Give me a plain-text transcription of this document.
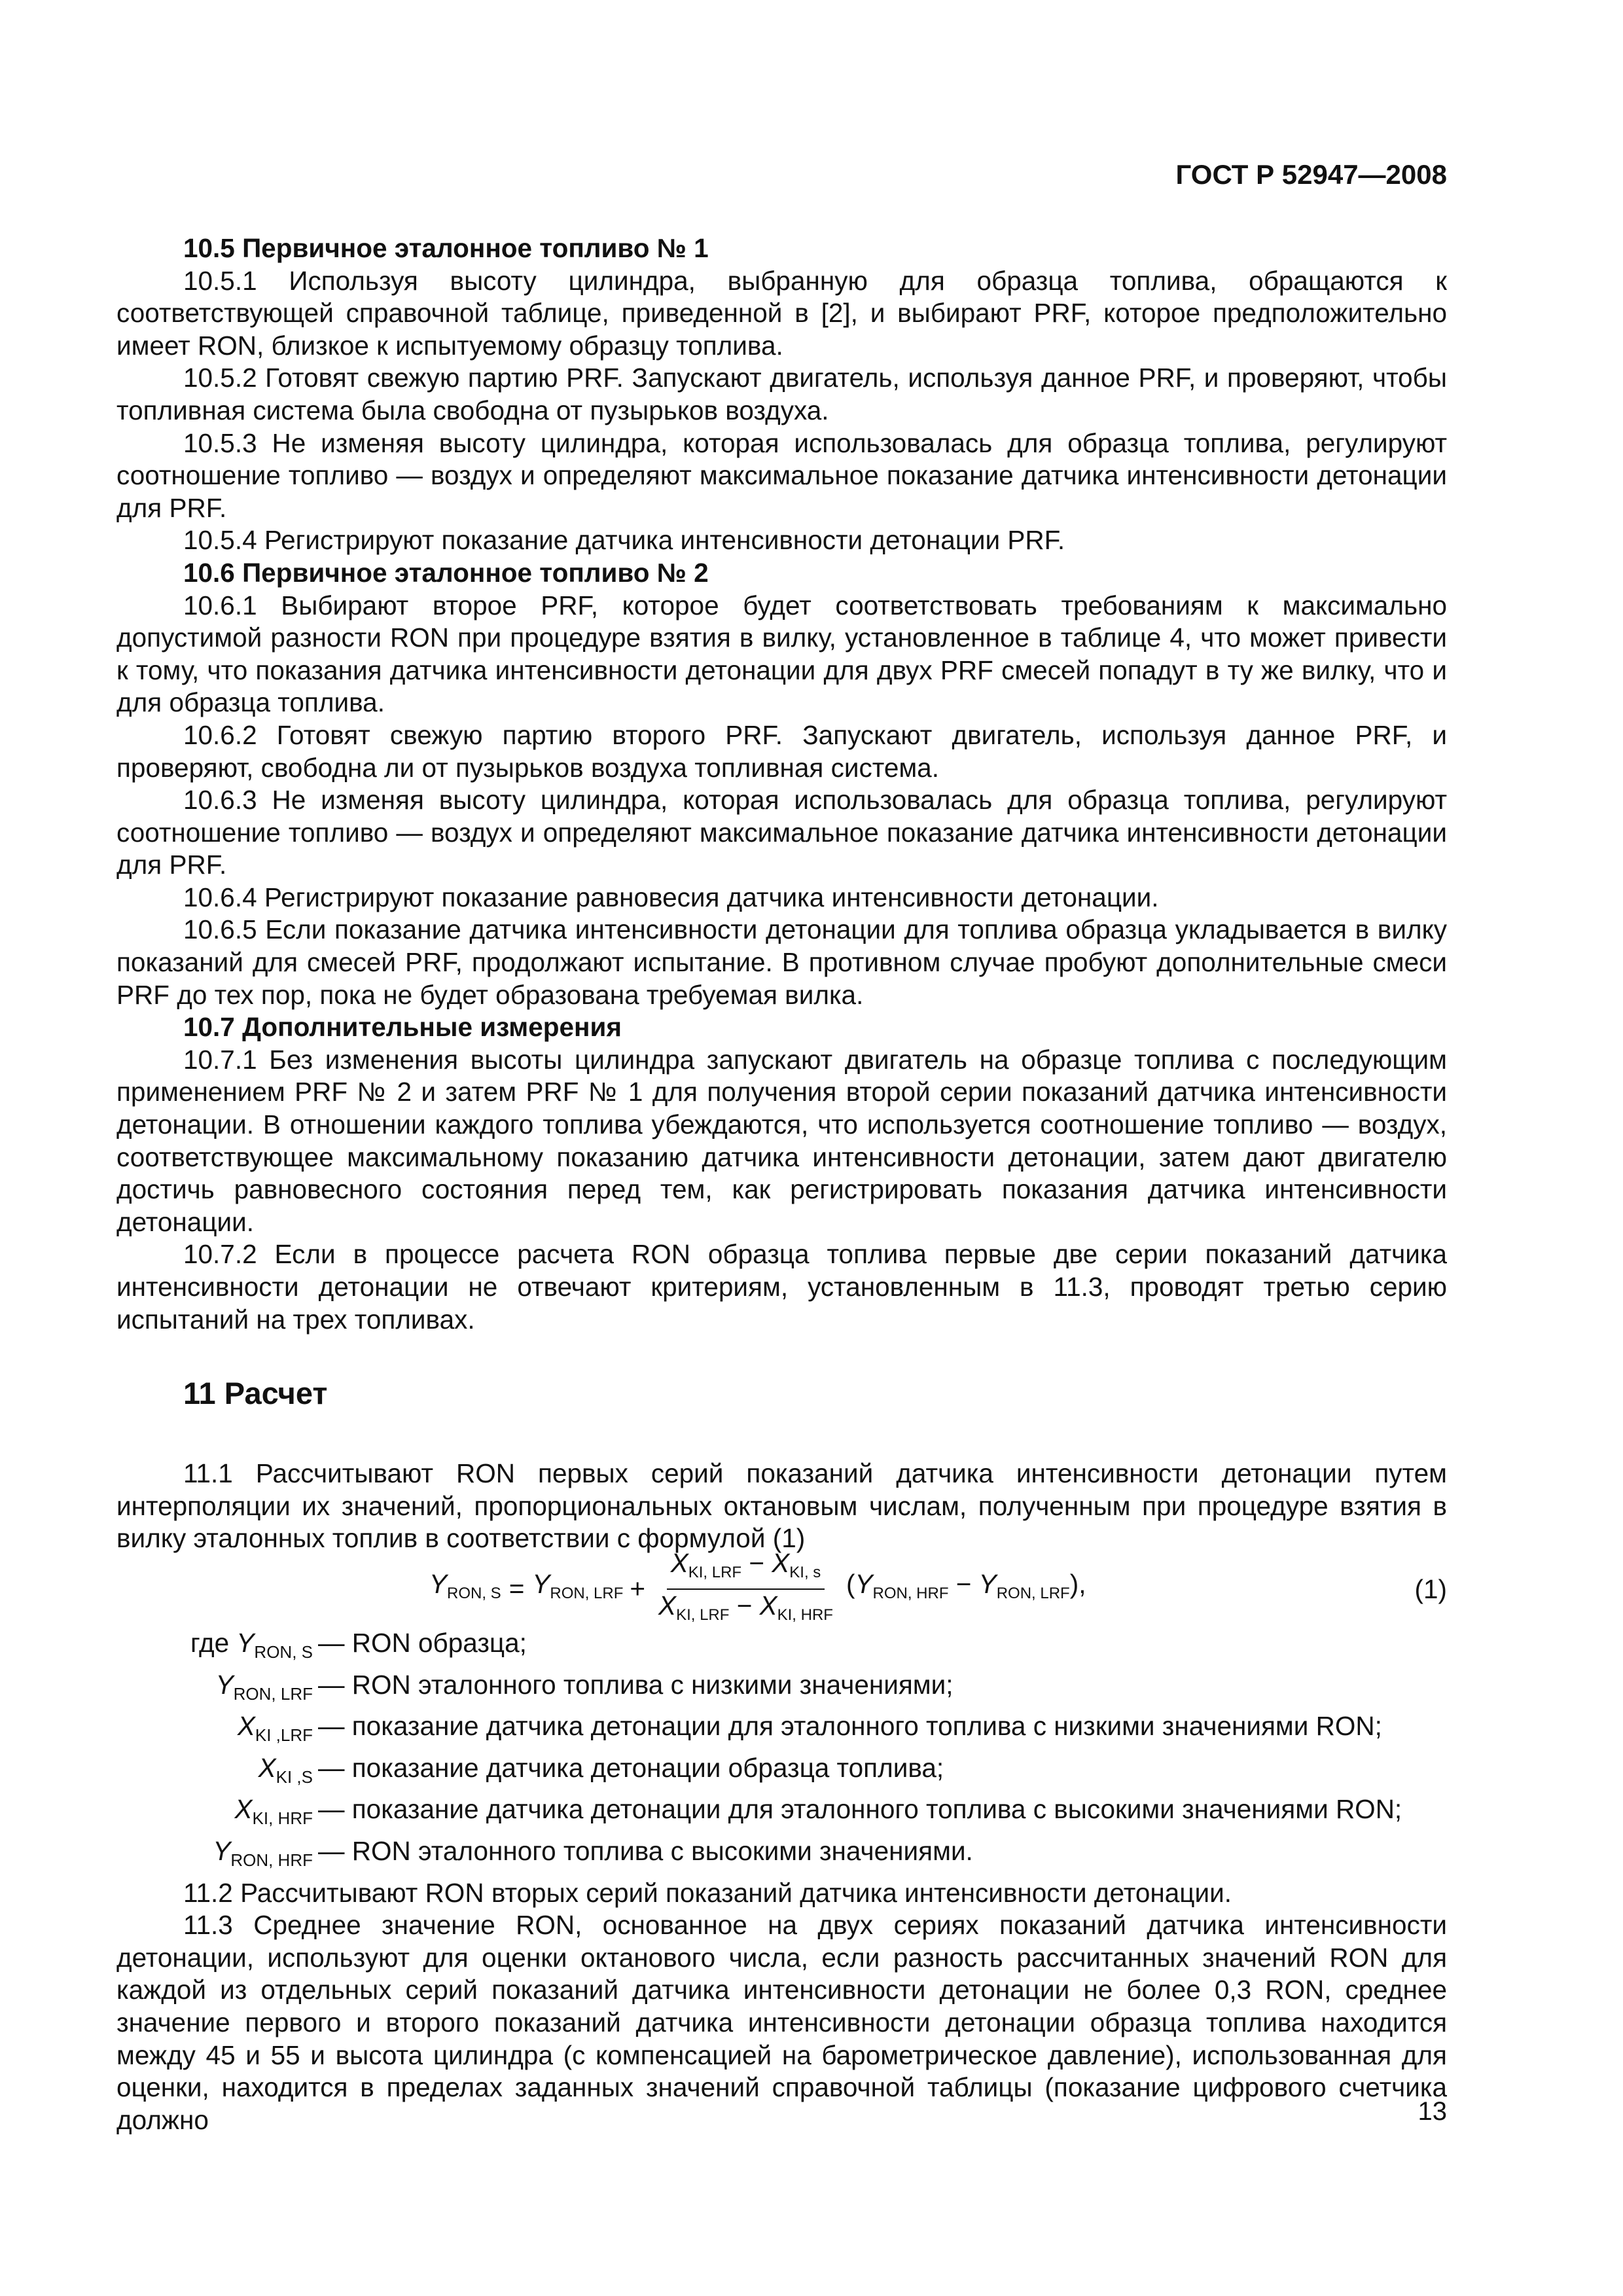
ГОСТ Р 52947—2008

10.5 Первичное эталонное топливо № 1

10.5.1 Используя высоту цилиндра, выбранную для образца топлива, обращаются к соответствующей справочной таблице, приведенной в [2], и выбирают PRF, которое предположительно имеет RON, близкое к испытуемому образцу топлива.

10.5.2 Готовят свежую партию PRF. Запускают двигатель, используя данное PRF, и проверяют, чтобы топливная система была свободна от пузырьков воздуха.

10.5.3 Не изменяя высоту цилиндра, которая использовалась для образца топлива, регулируют соотношение топливо — воздух и определяют максимальное показание датчика интенсивности детонации для PRF.

10.5.4 Регистрируют показание датчика интенсивности детонации PRF.

10.6 Первичное эталонное топливо № 2

10.6.1 Выбирают второе PRF, которое будет соответствовать требованиям к максимально допустимой разности RON при процедуре взятия в вилку, установленное в таблице 4, что может привести к тому, что показания датчика интенсивности детонации для двух PRF смесей попадут в ту же вилку, что и для образца топлива.

10.6.2 Готовят свежую партию второго PRF. Запускают двигатель, используя данное PRF, и проверяют, свободна ли от пузырьков воздуха топливная система.

10.6.3 Не изменяя высоту цилиндра, которая использовалась для образца топлива, регулируют соотношение топливо — воздух и определяют максимальное показание датчика интенсивности детонации для PRF.

10.6.4 Регистрируют показание равновесия датчика интенсивности детонации.

10.6.5 Если показание датчика интенсивности детонации для топлива образца укладывается в вилку показаний для смесей PRF, продолжают испытание. В противном случае пробуют дополнительные смеси PRF до тех пор, пока не будет образована требуемая вилка.

10.7 Дополнительные измерения

10.7.1 Без изменения высоты цилиндра запускают двигатель на образце топлива с последующим применением PRF № 2 и затем PRF № 1 для получения второй серии показаний датчика интенсивности детонации. В отношении каждого топлива убеждаются, что используется соотношение топливо — воздух, соответствующее максимальному показанию датчика интенсивности детонации, затем дают двигателю достичь равновесного состояния перед тем, как регистрировать показания датчика интенсивности детонации.

10.7.2 Если в процессе расчета RON образца топлива первые две серии показаний датчика интенсивности детонации не отвечают критериям, установленным в 11.3, проводят третью серию испытаний на трех топливах.

11 Расчет

11.1 Рассчитывают RON первых серий показаний датчика интенсивности детонации путем интерполяции их значений, пропорциональных октановым числам, полученным при процедуре взятия в вилку эталонных топлив в соответствии с формулой (1)

$Y_{RON, S} = Y_{RON, LRF} + \frac{X_{KI, LRF} - X_{KI, s}}{X_{KI, LRF} - X_{KI, HRF}} (Y_{RON, HRF} - Y_{RON, LRF})$,	(1)
где $Y_{RON, S}$ — RON образца;
$Y_{RON, LRF}$ — RON эталонного топлива с низкими значениями;
$X_{KI ,LRF}$ — показание датчика детонации для эталонного топлива с низкими значениями RON;
$X_{KI ,S}$ — показание датчика детонации образца топлива;
$X_{KI, HRF}$ — показание датчика детонации для эталонного топлива с высокими значениями RON;
$Y_{RON, HRF}$ — RON эталонного топлива с высокими значениями.

11.2 Рассчитывают RON вторых серий показаний датчика интенсивности детонации.

11.3 Среднее значение RON, основанное на двух сериях показаний датчика интенсивности детонации, используют для оценки октанового числа, если разность рассчитанных значений RON для каждой из отдельных серий показаний датчика интенсивности детонации не более 0,3 RON, среднее значение первого и второго показаний датчика интенсивности детонации образца топлива находится между 45 и 55 и высота цилиндра (с компенсацией на барометрическое давление), использованная для оценки, находится в пределах заданных значений справочной таблицы (показание цифрового счетчика должно	13
